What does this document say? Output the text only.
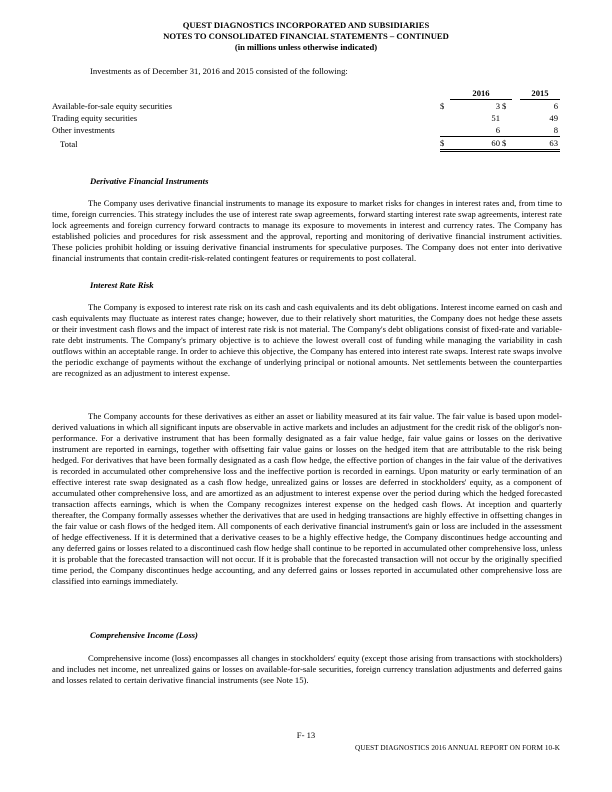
QUEST DIAGNOSTICS INCORPORATED AND SUBSIDIARIES
NOTES TO CONSOLIDATED FINANCIAL STATEMENTS – CONTINUED
(in millions unless otherwise indicated)
Investments as of December 31, 2016 and 2015 consisted of the following:
		2016			2015
Available-for-sale equity securities	$	3	$		6
Trading equity securities		51			49
Other investments		6			8
Total	$	60	$		63
Derivative Financial Instruments
The Company uses derivative financial instruments to manage its exposure to market risks for changes in interest rates and, from time to time, foreign currencies. This strategy includes the use of interest rate swap agreements, forward starting interest rate swap agreements, interest rate lock agreements and foreign currency forward contracts to manage its exposure to movements in interest and currency rates. The Company has established policies and procedures for risk assessment and the approval, reporting and monitoring of derivative financial instrument activities. These policies prohibit holding or issuing derivative financial instruments for speculative purposes. The Company does not enter into derivative financial instruments that contain credit-risk-related contingent features or requirements to post collateral.
Interest Rate Risk
The Company is exposed to interest rate risk on its cash and cash equivalents and its debt obligations. Interest income earned on cash and cash equivalents may fluctuate as interest rates change; however, due to their relatively short maturities, the Company does not hedge these assets or their investment cash flows and the impact of interest rate risk is not material. The Company's debt obligations consist of fixed-rate and variable-rate debt instruments. The Company's primary objective is to achieve the lowest overall cost of funding while managing the variability in cash outflows within an acceptable range. In order to achieve this objective, the Company has entered into interest rate swaps. Interest rate swaps involve the periodic exchange of payments without the exchange of underlying principal or notional amounts. Net settlements between the counterparties are recognized as an adjustment to interest expense.
The Company accounts for these derivatives as either an asset or liability measured at its fair value. The fair value is based upon model-derived valuations in which all significant inputs are observable in active markets and includes an adjustment for the credit risk of the obligor's non-performance. For a derivative instrument that has been formally designated as a fair value hedge, fair value gains or losses on the derivative instrument are reported in earnings, together with offsetting fair value gains or losses on the hedged item that are attributable to the risk being hedged. For derivatives that have been formally designated as a cash flow hedge, the effective portion of changes in the fair value of the derivatives is recorded in accumulated other comprehensive loss and the ineffective portion is recorded in earnings. Upon maturity or early termination of an effective interest rate swap designated as a cash flow hedge, unrealized gains or losses are deferred in stockholders' equity, as a component of accumulated other comprehensive loss, and are amortized as an adjustment to interest expense over the period during which the hedged forecasted transaction affects earnings, which is when the Company recognizes interest expense on the hedged cash flows. At inception and quarterly thereafter, the Company formally assesses whether the derivatives that are used in hedging transactions are highly effective in offsetting changes in the fair value or cash flows of the hedged item. All components of each derivative financial instrument's gain or loss are included in the assessment of hedge effectiveness. If it is determined that a derivative ceases to be a highly effective hedge, the Company discontinues hedge accounting and any deferred gains or losses related to a discontinued cash flow hedge shall continue to be reported in accumulated other comprehensive loss, unless it is probable that the forecasted transaction will not occur. If it is probable that the forecasted transaction will not occur by the originally specified time period, the Company discontinues hedge accounting, and any deferred gains or losses reported in accumulated other comprehensive loss are classified into earnings immediately.
Comprehensive Income (Loss)
Comprehensive income (loss) encompasses all changes in stockholders' equity (except those arising from transactions with stockholders) and includes net income, net unrealized gains or losses on available-for-sale securities, foreign currency translation adjustments and deferred gains and losses related to certain derivative financial instruments (see Note 15).
F- 13
QUEST DIAGNOSTICS 2016 ANNUAL REPORT ON FORM 10-K
